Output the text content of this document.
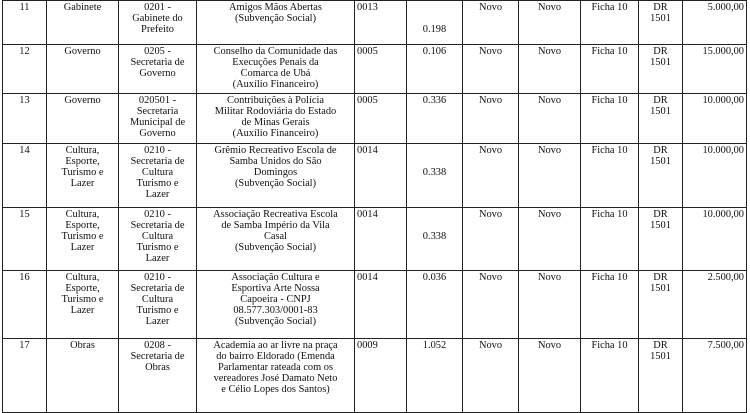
11	Gabinete	0201 -
Gabinete do
Prefeito	Amigos Mãos Abertas
(Subvenção Social)	0013	0.198	Novo	Novo	Ficha 10	DR
1501	5.000,00
12	Governo	0205 -
Secretaria de
Governo	Conselho da Comunidade das
Execuções Penais da
Comarca de Ubá
(Auxílio Financeiro)	0005	0.106	Novo	Novo	Ficha 10	DR
1501	15.000,00
13	Governo	020501 -
Secretaria
Municipal de
Governo	Contribuições à Polícia
Militar Rodoviária do Estado
de Minas Gerais
(Auxílio Financeiro)	0005	0.336	Novo	Novo	Ficha 10	DR
1501	10.000,00
14	Cultura,
Esporte,
Turismo e
Lazer	0210 -
Secretaria de
Cultura
Turismo e
Lazer	Grêmio Recreativo Escola de
Samba Unidos do São
Domingos
(Subvenção Social)	0014	0.338	Novo	Novo	Ficha 10	DR
1501	10.000,00
15	Cultura,
Esporte,
Turismo e
Lazer	0210 -
Secretaria de
Cultura
Turismo e
Lazer	Associação Recreativa Escola
de Samba Império da Vila
Casal
(Subvenção Social)	0014	0.338	Novo	Novo	Ficha 10	DR
1501	10.000,00
16	Cultura,
Esporte,
Turismo e
Lazer	0210 -
Secretaria de
Cultura
Turismo e
Lazer	Associação Cultura e
Esportiva Arte Nossa
Capoeira - CNPJ
08.577.303/0001-83
(Subvenção Social)	0014	0.036	Novo	Novo	Ficha 10	DR
1501	2.500,00
17	Obras	0208 -
Secretaria de
Obras	Academia ao ar livre na praça
do bairro Eldorado (Emenda
Parlamentar rateada com os
vereadores José Damato Neto
e Célio Lopes dos Santos)	0009	1.052	Novo	Novo	Ficha 10	DR
1501	7.500,00
